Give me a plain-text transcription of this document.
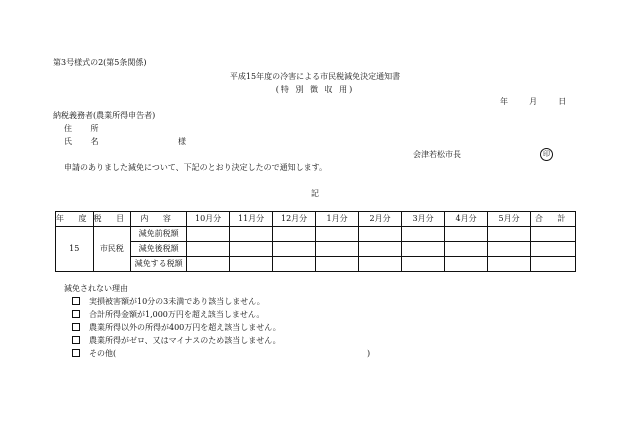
第3号様式の2(第5条関係)
平成15年度の冷害による市民税減免決定通知書
(特 別 徴 収 用)
年	月	日
納税義務者(農業所得申告者)
住 所
氏 名	様
会津若松市長	印
申請のありました減免について、下記のとおり決定したので通知します。
記
年 度	税 目	内 容	10月分	11月分	12月分	1月分	2月分	3月分	4月分	5月分	合 計
15	市民税	減免前税額									
		減免後税額									
		減免する税額									
減免されない理由
実損被害額が10分の3未満であり該当しません。
合計所得金額が1,000万円を超え該当しません。
農業所得以外の所得が400万円を超え該当しません。
農業所得がゼロ、又はマイナスのため該当しません。
その他(	)
